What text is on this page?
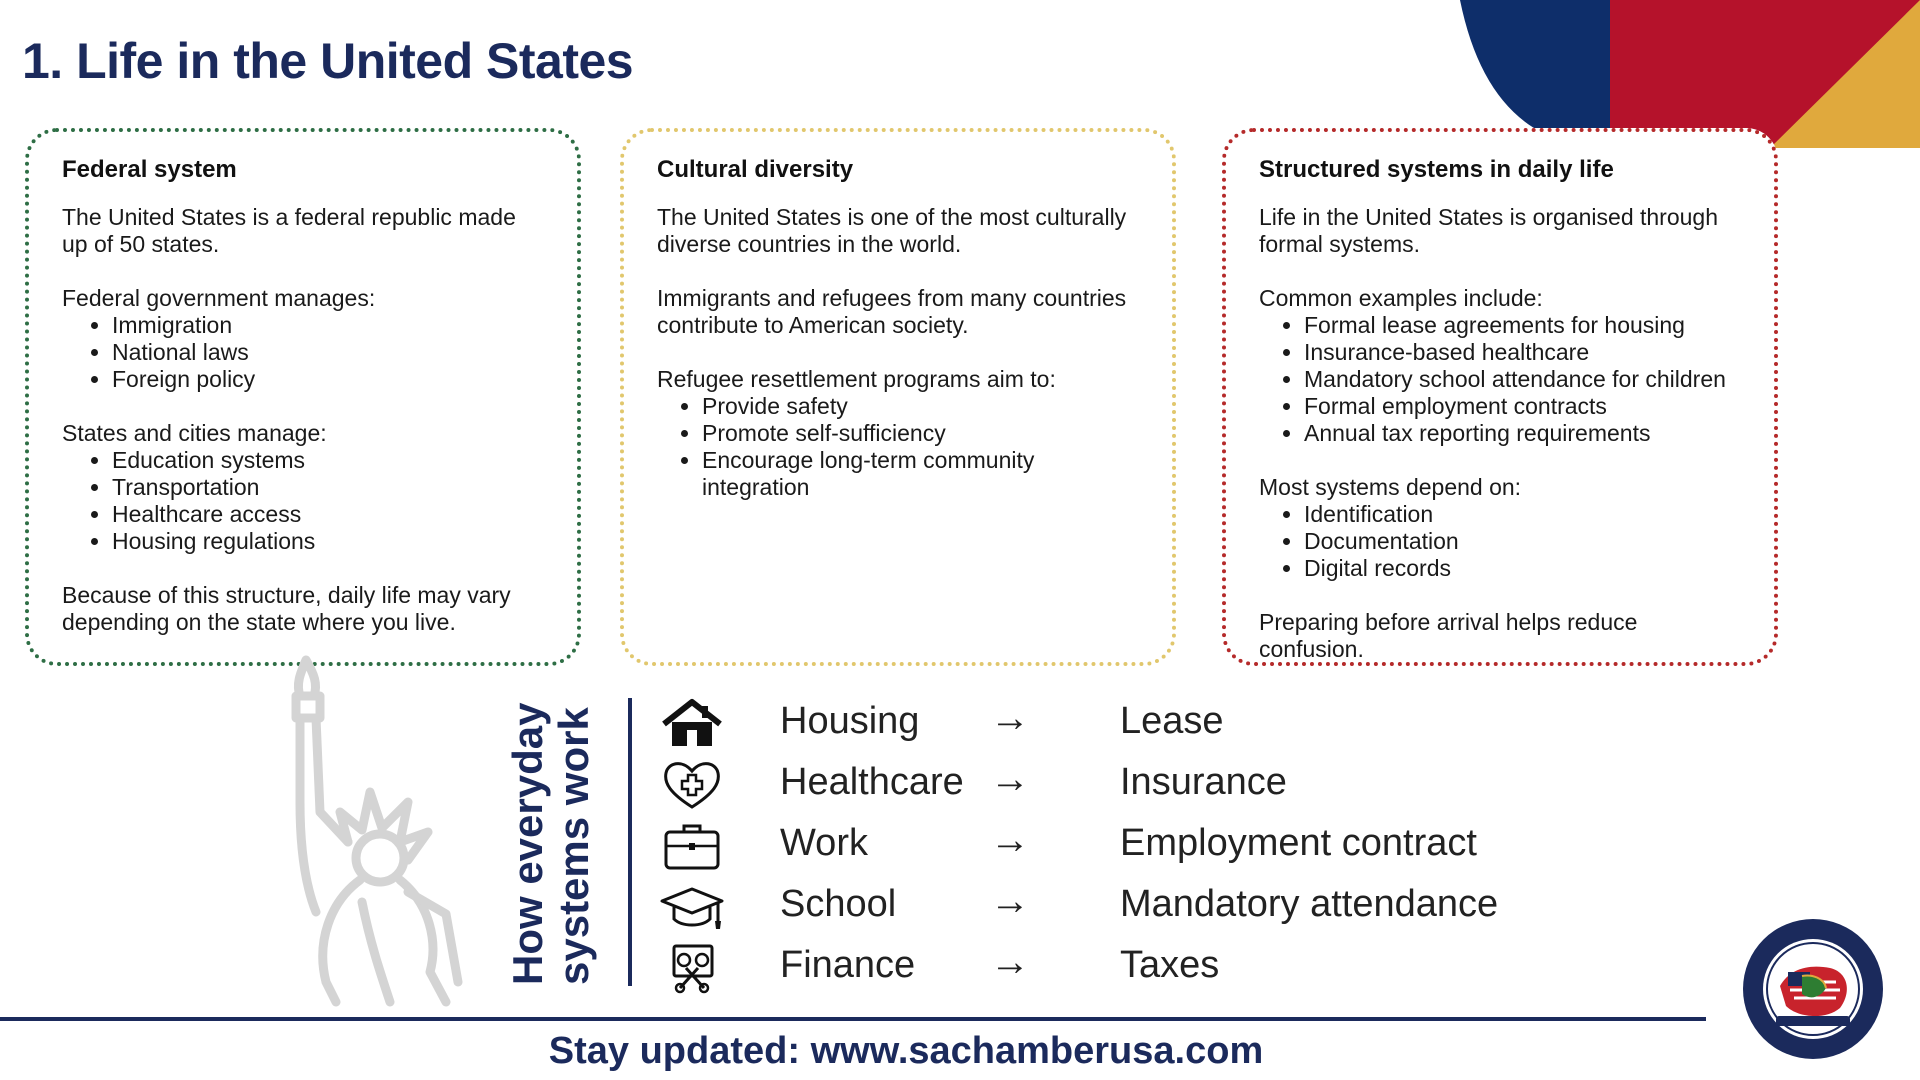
1. Life in the United States
Federal system

The United States is a federal republic made

up of 50 states.

Federal government manages:

• Immigration
• National laws
• Foreign policy

States and cities manage:

• Education systems
• Transportation
• Healthcare access
• Housing regulations

Because of this structure, daily life may vary

depending on the state where you live.

Cultural diversity

The United States is one of the most culturally

diverse countries in the world.

Immigrants and refugees from many countries

contribute to American society.

Refugee resettlement programs aim to:

• Provide safety
• Promote self-sufficiency
• Encourage long-term community integration
Structured systems in daily life

Life in the United States is organised through

formal systems.

Common examples include:

• Formal lease agreements for housing
• Insurance-based healthcare
• Mandatory school attendance for children
• Formal employment contracts
• Annual tax reporting requirements

Most systems depend on:

• Identification
• Documentation
• Digital records

Preparing before arrival helps reduce confusion.

How everyday systems work	Housing → Lease
Healthcare → Insurance
Work	→ Employment contract
School → Mandatory attendance
Finance → Taxes
Stay updated: www.sachamberusa.com
